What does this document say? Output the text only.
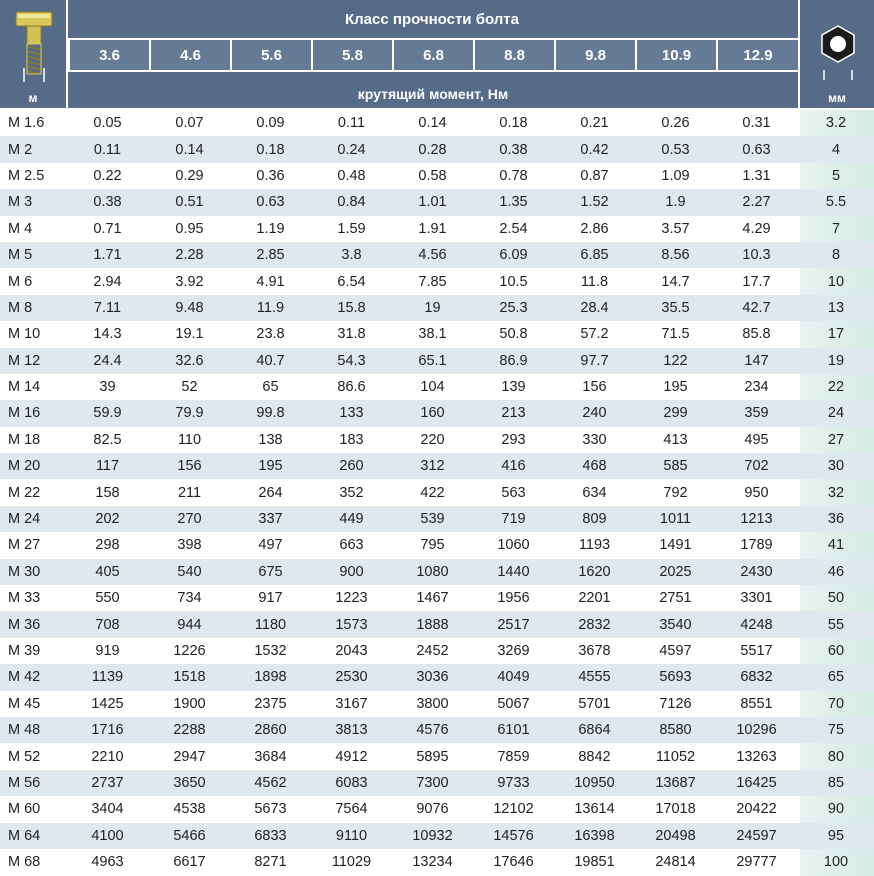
Класс прочности болта
3.6	4.6	5.6	5.8	6.8	8.8	9.8	10.9	12.9
крутящий момент, Нм
м	мм
M 1.6	0.05	0.07	0.09	0.11	0.14	0.18	0.21	0.26	0.31	3.2
M 2	0.11	0.14	0.18	0.24	0.28	0.38	0.42	0.53	0.63	4
M 2.5	0.22	0.29	0.36	0.48	0.58	0.78	0.87	1.09	1.31	5
M 3	0.38	0.51	0.63	0.84	1.01	1.35	1.52	1.9	2.27	5.5
M 4	0.71	0.95	1.19	1.59	1.91	2.54	2.86	3.57	4.29	7
M 5	1.71	2.28	2.85	3.8	4.56	6.09	6.85	8.56	10.3	8
M 6	2.94	3.92	4.91	6.54	7.85	10.5	11.8	14.7	17.7	10
M 8	7.11	9.48	11.9	15.8	19	25.3	28.4	35.5	42.7	13
M 10	14.3	19.1	23.8	31.8	38.1	50.8	57.2	71.5	85.8	17
M 12	24.4	32.6	40.7	54.3	65.1	86.9	97.7	122	147	19
M 14	39	52	65	86.6	104	139	156	195	234	22
M 16	59.9	79.9	99.8	133	160	213	240	299	359	24
M 18	82.5	110	138	183	220	293	330	413	495	27
M 20	117	156	195	260	312	416	468	585	702	30
M 22	158	211	264	352	422	563	634	792	950	32
M 24	202	270	337	449	539	719	809	1011	1213	36
M 27	298	398	497	663	795	1060	1193	1491	1789	41
M 30	405	540	675	900	1080	1440	1620	2025	2430	46
M 33	550	734	917	1223	1467	1956	2201	2751	3301	50
M 36	708	944	1180	1573	1888	2517	2832	3540	4248	55
M 39	919	1226	1532	2043	2452	3269	3678	4597	5517	60
M 42	1139	1518	1898	2530	3036	4049	4555	5693	6832	65
M 45	1425	1900	2375	3167	3800	5067	5701	7126	8551	70
M 48	1716	2288	2860	3813	4576	6101	6864	8580	10296	75
M 52	2210	2947	3684	4912	5895	7859	8842	11052	13263	80
M 56	2737	3650	4562	6083	7300	9733	10950	13687	16425	85
M 60	3404	4538	5673	7564	9076	12102	13614	17018	20422	90
M 64	4100	5466	6833	9110	10932	14576	16398	20498	24597	95
M 68	4963	6617	8271	11029	13234	17646	19851	24814	29777	100
